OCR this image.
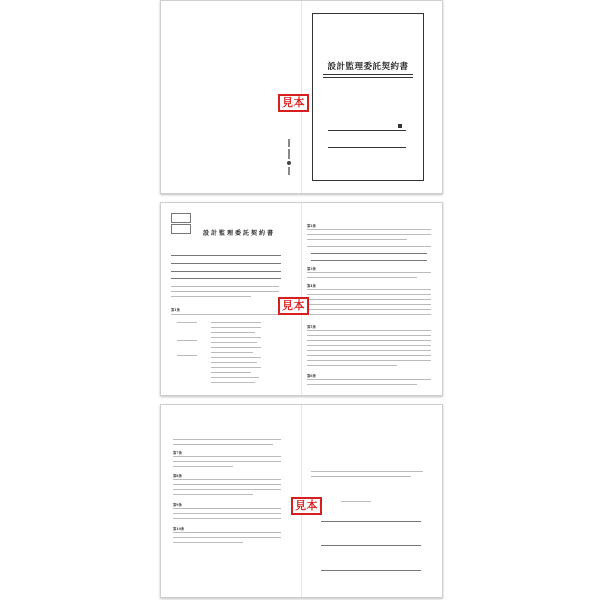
設計監理委託契約書
見本
設計監理委託契約書
第1条
第2条
第3条
第4条
第5条
第6条
見本
第7条
第8条
第9条
第10条
見本
